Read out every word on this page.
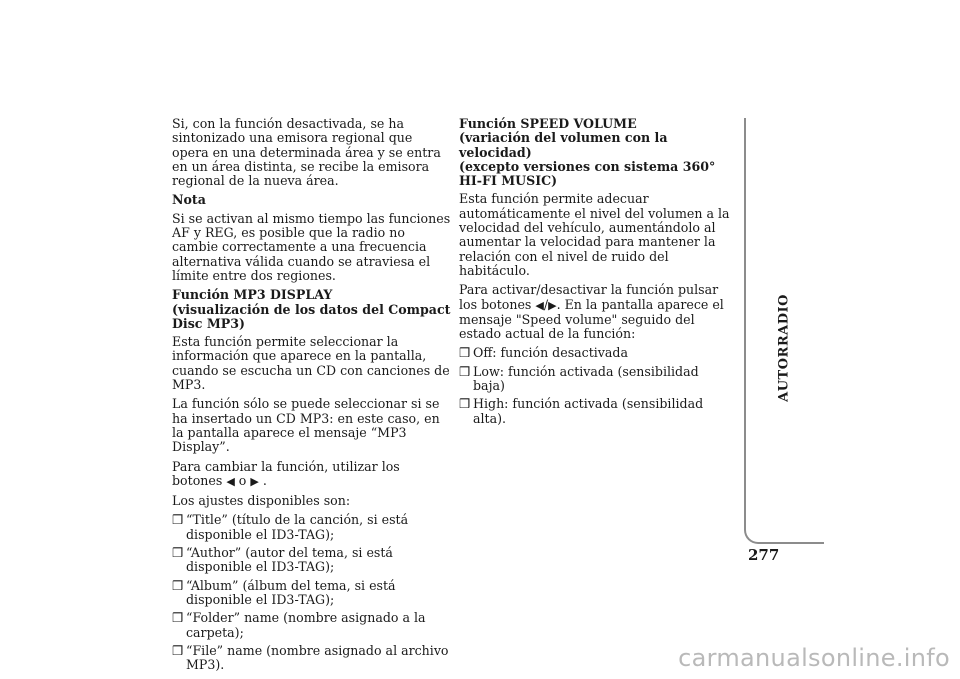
Si, con la función desactivada, se ha sintonizado una emisora regional que opera en una determinada área y se entra en un área distinta, se recibe la emisora regional de la nueva área.

Nota

Si se activan al mismo tiempo las funciones AF y REG, es posible que la radio no cambie correctamente a una frecuencia alternativa válida cuando se atraviesa el límite entre dos regiones.

Función MP3 DISPLAY
(visualización de los datos del Compact Disc MP3)

Esta función permite seleccionar la información que aparece en la pantalla, cuando se escucha un CD con canciones de MP3.

La función sólo se puede seleccionar si se ha insertado un CD MP3: en este caso, en la pantalla aparece el mensaje “MP3 Display”.

Para cambiar la función, utilizar los botones ◀ o ▶ .

Los ajustes disponibles son:

❒ “Title” (título de la canción, si está disponible el ID3-TAG);
❒ “Author” (autor del tema, si está disponible el ID3-TAG);
❒ “Album” (álbum del tema, si está disponible el ID3-TAG);
❒ “Folder” name (nombre asignado a la carpeta);
❒ “File” name (nombre asignado al archivo MP3).

Función SPEED VOLUME
(variación del volumen con la velocidad)
(excepto versiones con sistema 360° HI-FI MUSIC)

Esta función permite adecuar automáticamente el nivel del volumen a la velocidad del vehículo, aumentándolo al aumentar la velocidad para mantener la relación con el nivel de ruido del habitáculo.

Para activar/desactivar la función pulsar los botones ◀/▶. En la pantalla aparece el mensaje "Speed volume" seguido del estado actual de la función:

❒ Off: función desactivada
❒ Low: función activada (sensibilidad baja)
❒ High: función activada (sensibilidad alta).
AUTORRADIO
277
carmanualsonline.info
